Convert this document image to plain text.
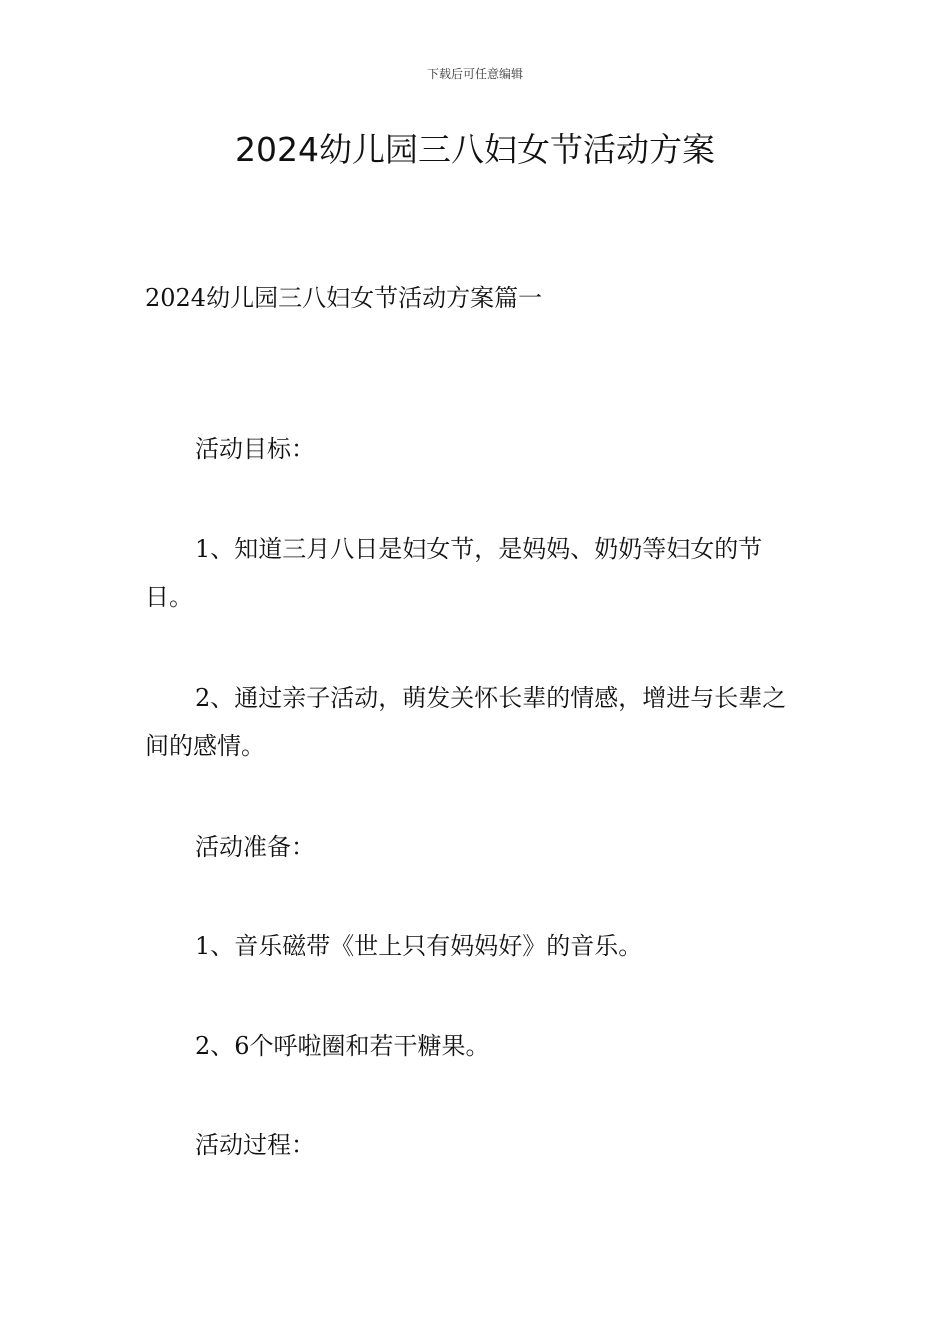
下载后可任意编辑
2024幼儿园三八妇女节活动方案

2024幼儿园三八妇女节活动方案篇一

活动目标：

1、知道三月八日是妇女节，是妈妈、奶奶等妇女的节日。

2、通过亲子活动，萌发关怀长辈的情感，增进与长辈之间的感情。

活动准备：

1、音乐磁带《世上只有妈妈好》的音乐。

2、6个呼啦圈和若干糖果。

活动过程：
